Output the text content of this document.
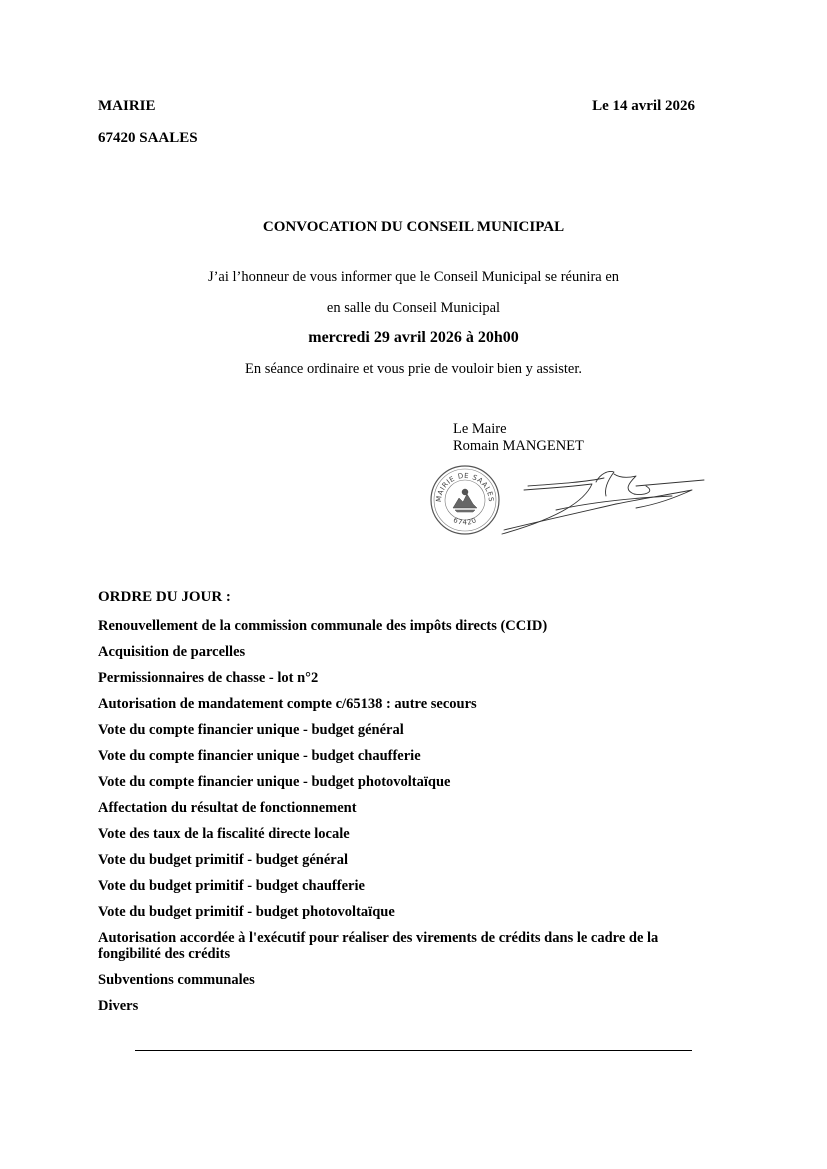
MAIRIE
67420 SAALES
Le 14 avril 2026
CONVOCATION DU CONSEIL MUNICIPAL
J’ai l’honneur de vous informer que le Conseil Municipal se réunira en
en salle du Conseil Municipal
mercredi 29 avril 2026 à 20h00
En séance ordinaire et vous prie de vouloir bien y assister.
Le Maire
Romain MANGENET
MAIRIE DE SAALES
67420
ORDRE DU JOUR :
Renouvellement de la commission communale des impôts directs (CCID)
Acquisition de parcelles
Permissionnaires de chasse - lot n°2
Autorisation de mandatement compte c/65138 : autre secours
Vote du compte financier unique - budget général
Vote du compte financier unique - budget chaufferie
Vote du compte financier unique - budget photovoltaïque
Affectation du résultat de fonctionnement
Vote des taux de la fiscalité directe locale
Vote du budget primitif - budget général
Vote du budget primitif - budget chaufferie
Vote du budget primitif - budget photovoltaïque
Autorisation accordée à l'exécutif pour réaliser des virements de crédits dans le cadre de la fongibilité des crédits
Subventions communales
Divers
